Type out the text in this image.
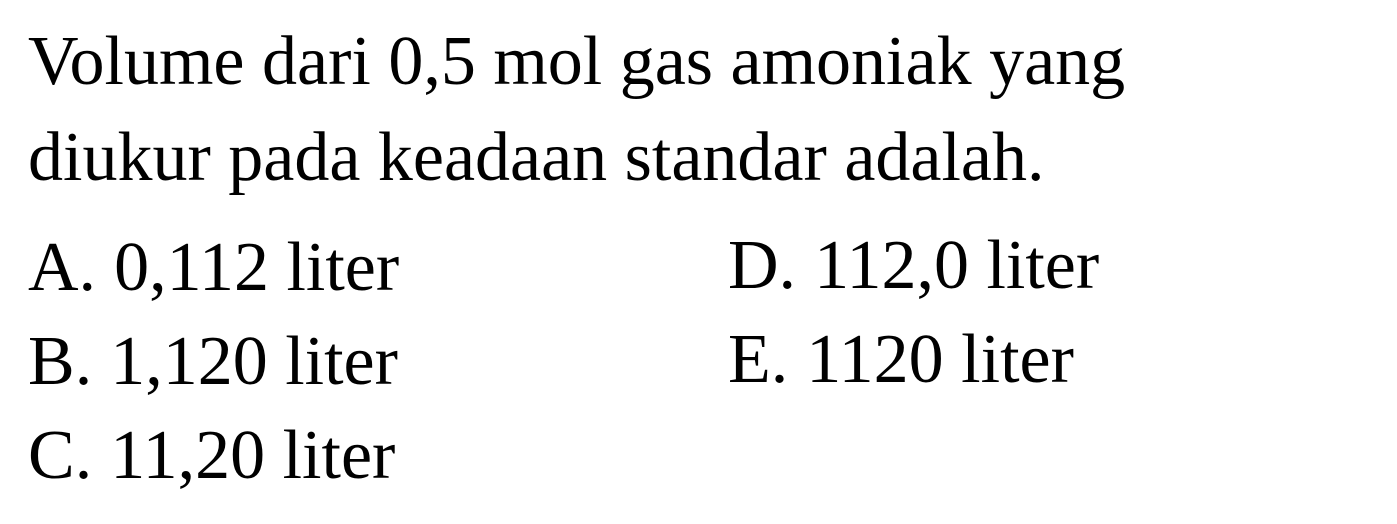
Volume dari 0,5 mol gas amoniak yang
diukur pada keadaan standar adalah.
A. 0,112 liter
B. 1,120 liter
C. 11,20 liter
D. 112,0 liter
E. 1120 liter
